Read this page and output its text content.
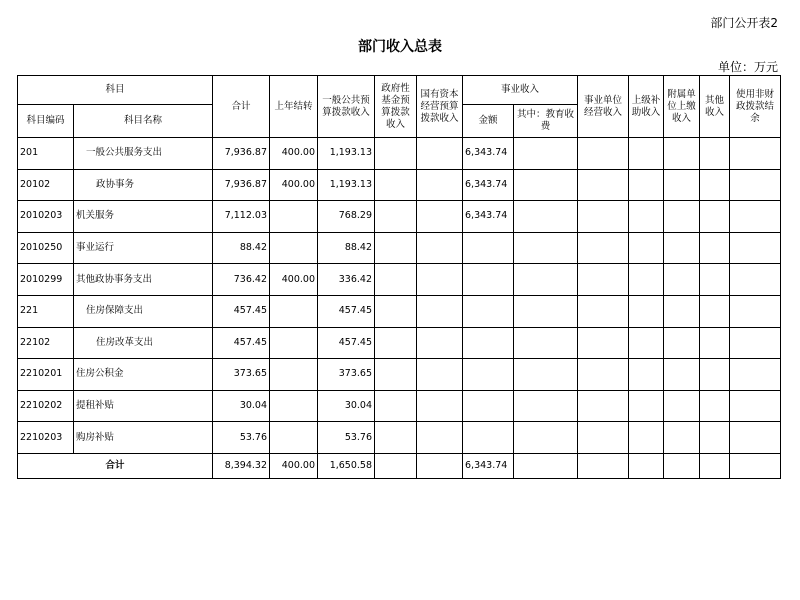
部门公开表2
部门收入总表
单位：万元
科目		合计	上年结转	一般公共预算拨款收入	政府性基金预算拨款收入	国有资本经营预算拨款收入	事业收入		事业单位经营收入	上级补助收入	附属单位上缴收入	其他收入	使用非财政拨款结余
科目编码	科目名称						金额	其中：教育收费					
201	一般公共服务支出	7,936.87	400.00	1,193.13			6,343.74						
20102	政协事务	7,936.87	400.00	1,193.13			6,343.74						
2010203	机关服务	7,112.03		768.29			6,343.74						
2010250	事业运行	88.42		88.42									
2010299	其他政协事务支出	736.42	400.00	336.42									
221	住房保障支出	457.45		457.45									
22102	住房改革支出	457.45		457.45									
2210201	住房公积金	373.65		373.65									
2210202	提租补贴	30.04		30.04									
2210203	购房补贴	53.76		53.76									
合计		8,394.32	400.00	1,650.58			6,343.74						
